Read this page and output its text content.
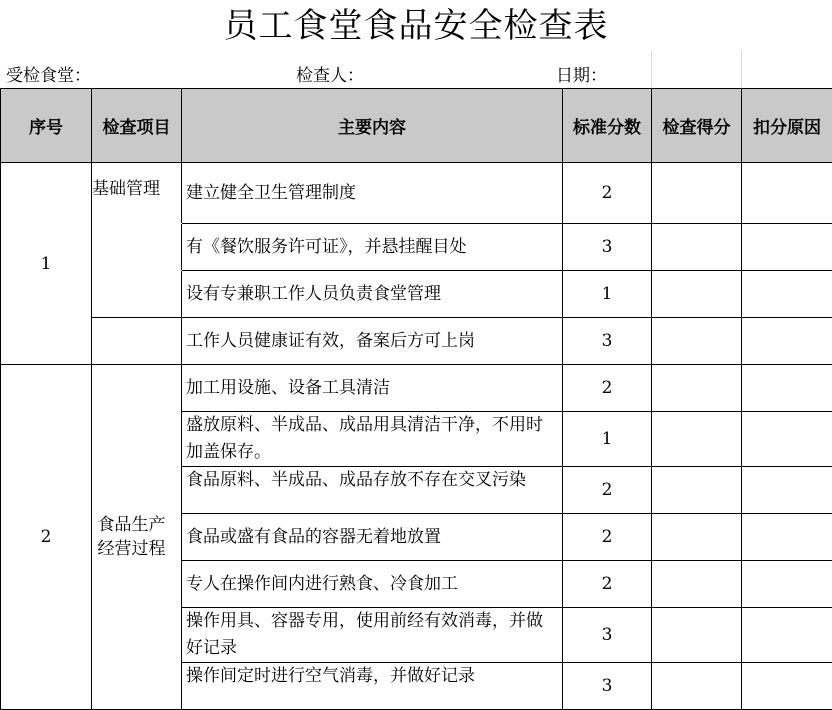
员工食堂食品安全检查表
受检食堂：	检查人：	日期：
序号	检查项目	主要内容	标准分数	检查得分	扣分原因
1	基础管理	建立健全卫生管理制度	2		
		有《餐饮服务许可证》，并悬挂醒目处	3		
		设有专兼职工作人员负责食堂管理	1		
		工作人员健康证有效，备案后方可上岗	3		
2	食品生产经营过程	加工用设施、设备工具清洁	2		
		盛放原料、半成品、成品用具清洁干净，不用时加盖保存。	1		
		食品原料、半成品、成品存放不存在交叉污染	2		
		食品或盛有食品的容器无着地放置	2		
		专人在操作间内进行熟食、冷食加工	2		
		操作用具、容器专用，使用前经有效消毒，并做好记录	3		
		操作间定时进行空气消毒，并做好记录	3		
